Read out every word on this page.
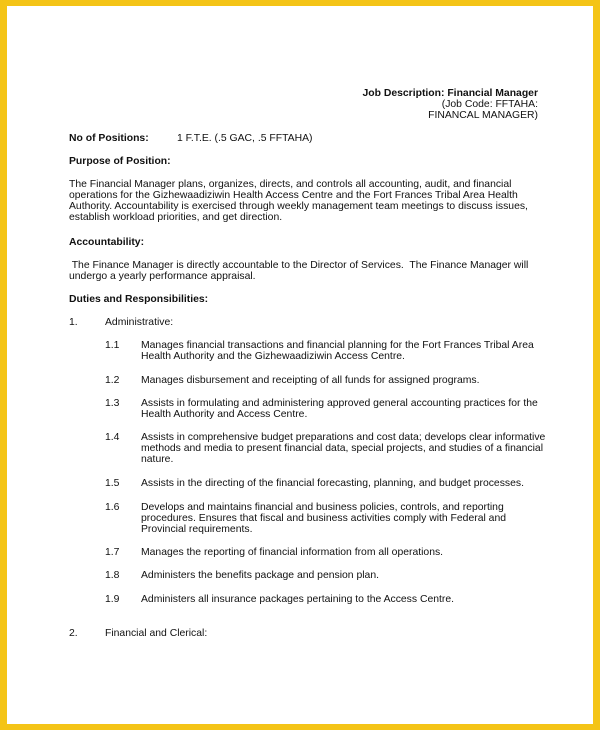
Job Description: Financial Manager
(Job Code: FFTAHA:
FINANCAL MANAGER)
No of Positions:	1 F.T.E. (.5 GAC, .5 FFTAHA)
Purpose of Position:
The Financial Manager plans, organizes, directs, and controls all accounting, audit, and financial
operations for the Gizhewaadiziwin Health Access Centre and the Fort Frances Tribal Area Health
Authority. Accountability is exercised through weekly management team meetings to discuss issues,
establish workload priorities, and get direction.
Accountability:
The Finance Manager is directly accountable to the Director of Services.  The Finance Manager will
undergo a yearly performance appraisal.
Duties and Responsibilities:
1.	Administrative:
1.1 Manages financial transactions and financial planning for the Fort Frances Tribal Area
Health Authority and the Gizhewaadiziwin Access Centre.
1.2 Manages disbursement and receipting of all funds for assigned programs.
1.3 Assists in formulating and administering approved general accounting practices for the
Health Authority and Access Centre.
1.4 Assists in comprehensive budget preparations and cost data; develops clear informative
methods and media to present financial data, special projects, and studies of a financial
nature.
1.5 Assists in the directing of the financial forecasting, planning, and budget processes.
1.6 Develops and maintains financial and business policies, controls, and reporting
procedures. Ensures that fiscal and business activities comply with Federal and
Provincial requirements.
1.7 Manages the reporting of financial information from all operations.
1.8 Administers the benefits package and pension plan.
1.9 Administers all insurance packages pertaining to the Access Centre.
2.	Financial and Clerical:
